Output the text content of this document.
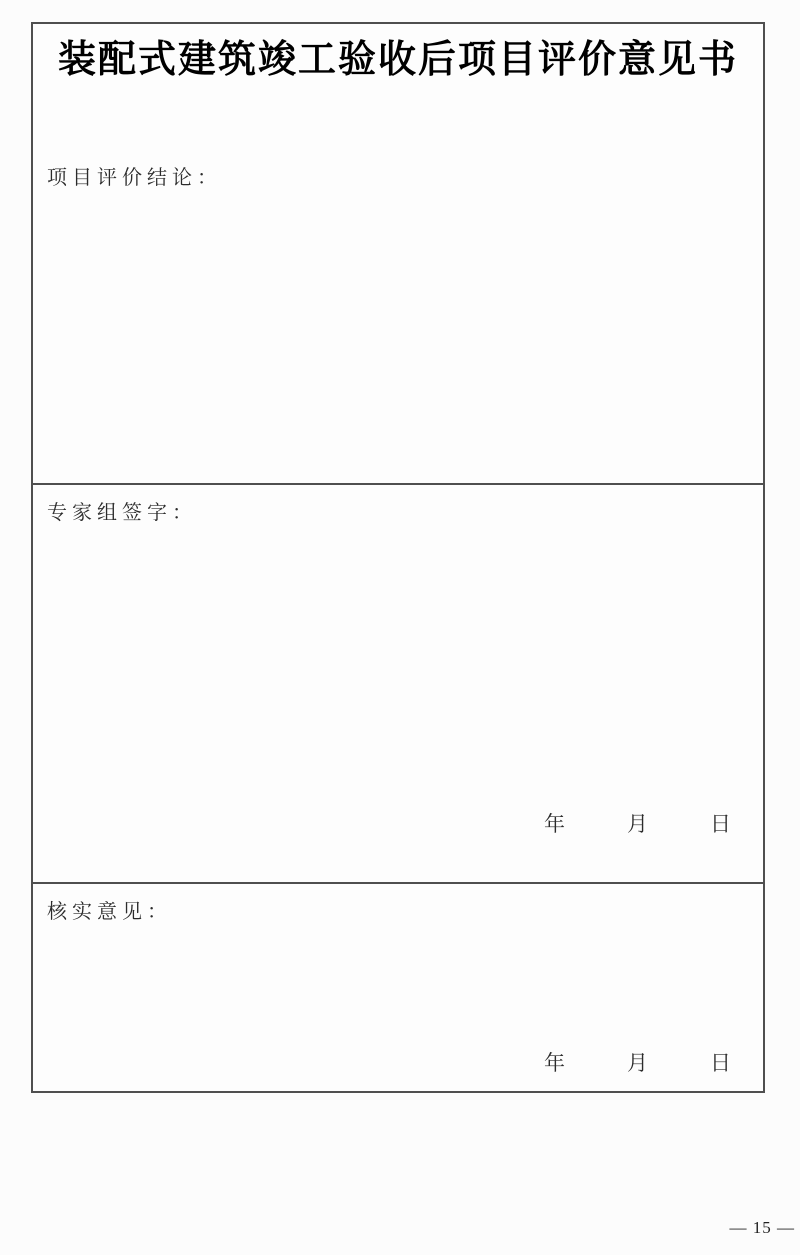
装配式建筑竣工验收后项目评价意见书
项目评价结论：
专家组签字：
年	月	日
核实意见：
年	月	日
— 15 —
